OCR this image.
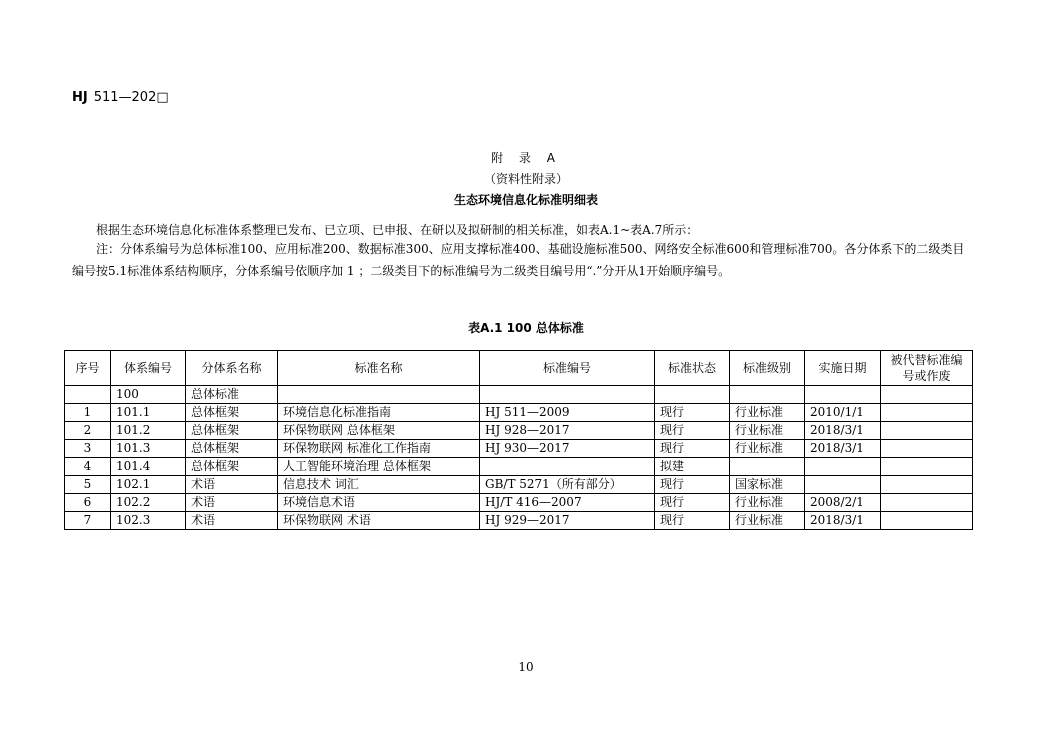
HJ 511—202□
附 录 A
（资料性附录）
生态环境信息化标准明细表
根据生态环境信息化标准体系整理已发布、已立项、已申报、在研以及拟研制的相关标准，如表A.1~表A.7所示：
注：分体系编号为总体标准100、应用标准200、数据标准300、应用支撑标准400、基础设施标准500、网络安全标准600和管理标准700。各分体系下的二级类目编号按5.1标准体系结构顺序，分体系编号依顺序加 1 ；二级类目下的标准编号为二级类目编号用“.”分开从1开始顺序编号。
表A.1 100 总体标准
序号	体系编号	分体系名称	标准名称	标准编号	标准状态	标准级别	实施日期	被代替标准编号或作废
	100	总体标准						
1	101.1	总体框架	环境信息化标准指南	HJ 511—2009	现行	行业标准	2010/1/1	
2	101.2	总体框架	环保物联网 总体框架	HJ 928—2017	现行	行业标准	2018/3/1	
3	101.3	总体框架	环保物联网 标准化工作指南	HJ 930—2017	现行	行业标准	2018/3/1	
4	101.4	总体框架	人工智能环境治理 总体框架		拟建			
5	102.1	术语	信息技术 词汇	GB/T 5271（所有部分）	现行	国家标准		
6	102.2	术语	环境信息术语	HJ/T 416—2007	现行	行业标准	2008/2/1	
7	102.3	术语	环保物联网 术语	HJ 929—2017	现行	行业标准	2018/3/1	
10
